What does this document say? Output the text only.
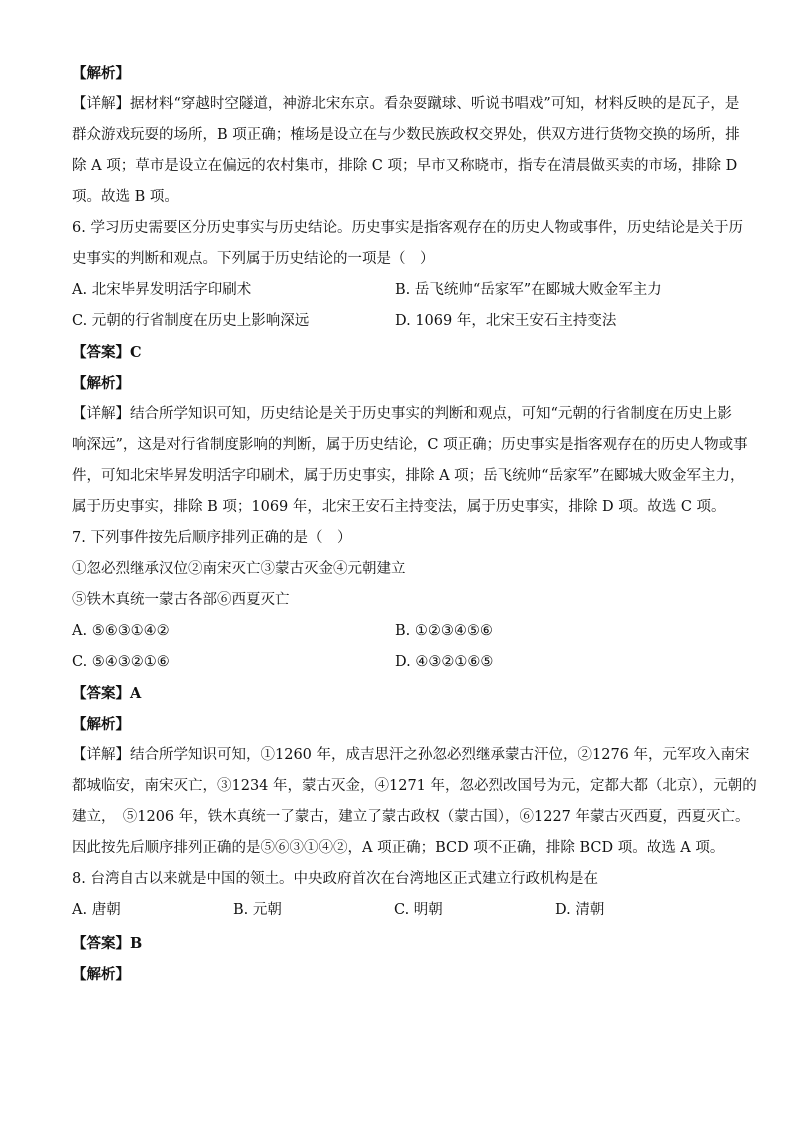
【解析】
【详解】据材料“穿越时空隧道，神游北宋东京。看杂耍蹴球、听说书唱戏”可知，材料反映的是瓦子，是
群众游戏玩耍的场所，B 项正确；榷场是设立在与少数民族政权交界处，供双方进行货物交换的场所，排
除 A 项；草市是设立在偏远的农村集市，排除 C 项；早市又称晓市，指专在清晨做买卖的市场，排除 D
项。故选 B 项。
6. 学习历史需要区分历史事实与历史结论。历史事实是指客观存在的历史人物或事件，历史结论是关于历
史事实的判断和观点。下列属于历史结论的一项是（　）
A. 北宋毕昇发明活字印刷术	B. 岳飞统帅“岳家军”在郾城大败金军主力
C. 元朝的行省制度在历史上影响深远	D. 1069 年，北宋王安石主持变法
【答案】C
【解析】
【详解】结合所学知识可知，历史结论是关于历史事实的判断和观点，可知“元朝的行省制度在历史上影
响深远”，这是对行省制度影响的判断，属于历史结论，C 项正确；历史事实是指客观存在的历史人物或事
件，可知北宋毕昇发明活字印刷术，属于历史事实，排除 A 项；岳飞统帅“岳家军”在郾城大败金军主力，
属于历史事实，排除 B 项；1069 年，北宋王安石主持变法，属于历史事实，排除 D 项。故选 C 项。
7. 下列事件按先后顺序排列正确的是（　）
①忽必烈继承汉位②南宋灭亡③蒙古灭金④元朝建立
⑤铁木真统一蒙古各部⑥西夏灭亡
A. ⑤⑥③①④②	B. ①②③④⑤⑥
C. ⑤④③②①⑥	D. ④③②①⑥⑤
【答案】A
【解析】
【详解】结合所学知识可知，①1260 年，成吉思汗之孙忽必烈继承蒙古汗位，②1276 年，元军攻入南宋
都城临安，南宋灭亡，③1234 年，蒙古灭金，④1271 年，忽必烈改国号为元，定都大都（北京），元朝的
建立，　⑤1206 年，铁木真统一了蒙古，建立了蒙古政权（蒙古国），⑥1227 年蒙古灭西夏，西夏灭亡。
因此按先后顺序排列正确的是⑤⑥③①④②，A 项正确；BCD 项不正确，排除 BCD 项。故选 A 项。
8. 台湾自古以来就是中国的领土。中央政府首次在台湾地区正式建立行政机构是在
A. 唐朝	B. 元朝	C. 明朝	D. 清朝
【答案】B
【解析】
